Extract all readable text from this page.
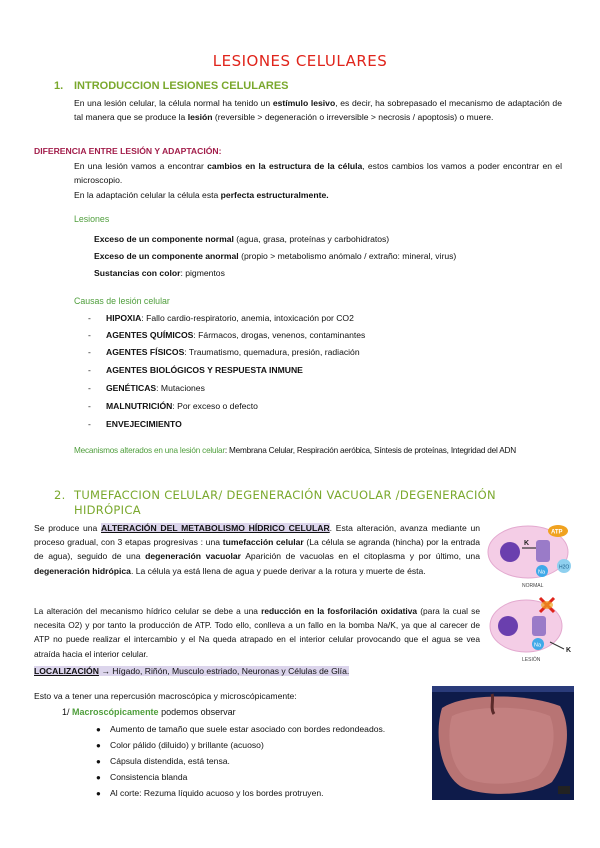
LESIONES CELULARES
1. INTRODUCCION LESIONES CELULARES
En una lesión celular, la célula normal ha tenido un estímulo lesivo, es decir, ha sobrepasado el mecanismo de adaptación de tal manera que se produce la lesión (reversible > degeneración o irreversible > necrosis / apoptosis) o muere.
DIFERENCIA ENTRE LESIÓN Y ADAPTACIÓN:
En una lesión vamos a encontrar cambios en la estructura de la célula, estos cambios los vamos a poder encontrar en el microscopio.
En la adaptación celular la célula esta perfecta estructuralmente.
Lesiones
Exceso de un componente normal (agua, grasa, proteínas y carbohidratos)
Exceso de un componente anormal (propio > metabolismo anómalo / extraño: mineral, virus)
Sustancias con color: pigmentos
Causas de lesión celular
- HIPOXIA: Fallo cardio-respiratorio, anemia, intoxicación por CO2
- AGENTES QUÍMICOS: Fármacos, drogas, venenos, contaminantes
- AGENTES FÍSICOS: Traumatismo, quemadura, presión, radiación
- AGENTES BIOLÓGICOS Y RESPUESTA INMUNE
- GENÉTICAS: Mutaciones
- MALNUTRICIÓN: Por exceso o defecto
- ENVEJECIMIENTO
Mecanismos alterados en una lesión celular: Membrana Celular, Respiración aeróbica, Síntesis de proteínas, Integridad del ADN
2. TUMEFACCION CELULAR/ DEGENERACIÓN VACUOLAR /DEGENERACIÓN
HIDRÓPICA
Se produce una ALTERACIÓN DEL METABOLISMO HÍDRICO CELULAR. Esta alteración, avanza mediante un proceso gradual, con 3 etapas progresivas : una tumefacción celular (La célula se agranda (hincha) por la entrada de agua), seguido de una degeneración vacuolar Aparición de vacuolas en el citoplasma y por último, una degeneración hidrópica. La célula ya está llena de agua y puede derivar a la rotura y muerte de ésta.
La alteración del mecanismo hídrico celular se debe a una reducción en la fosforilación oxidativa (para la cual se necesita O2) y por tanto la producción de ATP. Todo ello, conlleva a un fallo en la bomba Na/K, ya que al carecer de ATP no puede realizar el intercambio y el Na queda atrapado en el interior celular provocando que el agua se vea atraída hacia el interior celular.
LOCALIZACIÓN → Hígado, Riñón, Musculo estriado, Neuronas y Células de Glía.
Esto va a tener una repercusión macroscópica y microscópicamente:
1/ Macroscópicamente podemos observar
● Aumento de tamaño que suele estar asociado con bordes redondeados.
● Color pálido (diluido) y brillante (acuoso)
● Cápsula distendida, está tensa.
● Consistencia blanda
● Al corte: Rezuma líquido acuoso y los bordes protruyen.
K
ATP
Na
H2O
NORMAL
Na
K
LESIÓN
